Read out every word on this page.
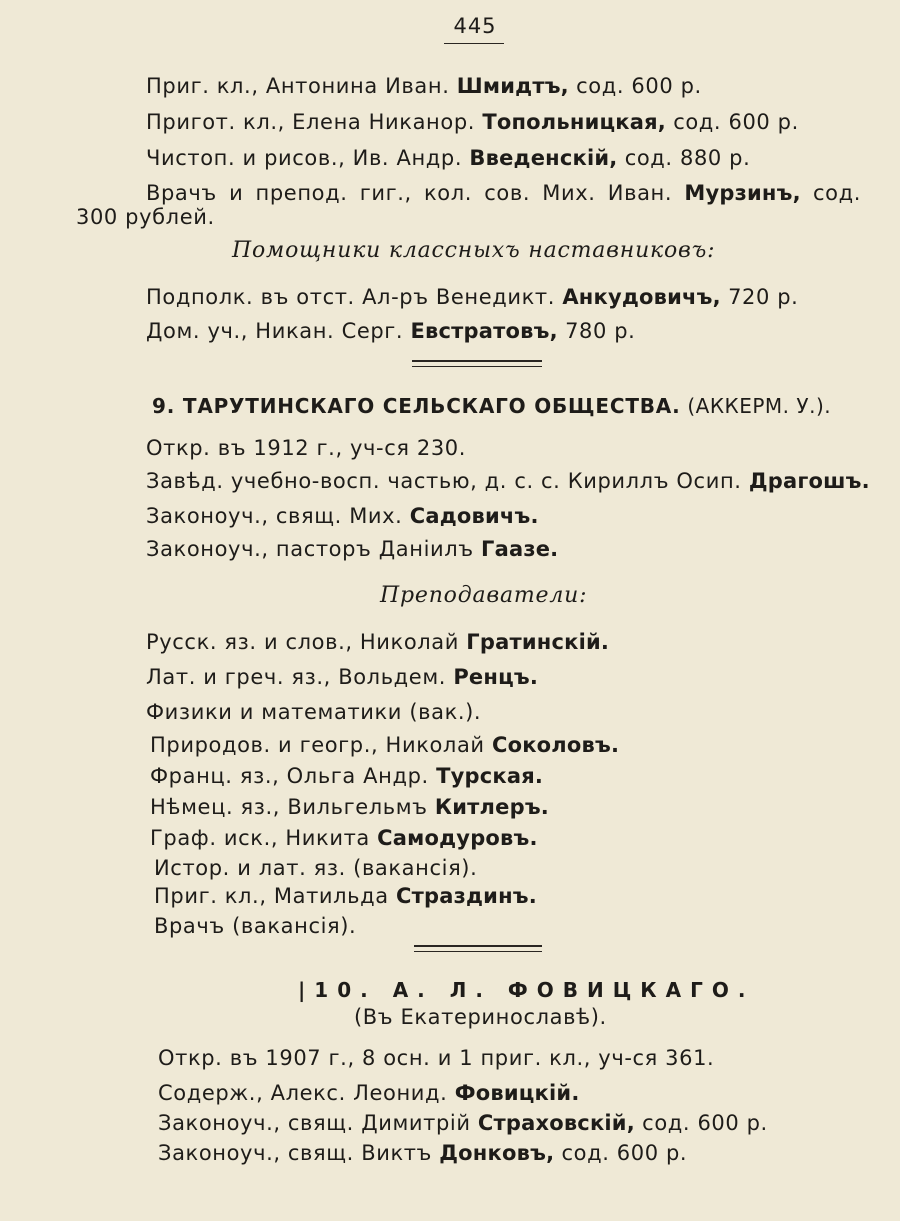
445
Приг. кл., Антонина Иван. Шмидтъ, сод. 600 р.
Пригот. кл., Елена Никанор. Топольницкая, сод. 600 р.
Чистоп. и рисов., Ив. Андр. Введенскій, сод. 880 р.
Врачъ и препод. гиг., кол. сов. Мих. Иван. Мурзинъ, сод.
300 рублей.
Помощники классныхъ наставниковъ:
Подполк. въ отст. Ал-ръ Венедикт. Анкудовичъ, 720 р.
Дом. уч., Никан. Серг. Евстратовъ, 780 р.
9. ТАРУТИНСКАГО СЕЛЬСКАГО ОБЩЕСТВА. (АККЕРМ. У.).
Откр. въ 1912 г., уч-ся 230.
Завѣд. учебно-восп. частью, д. с. с. Кириллъ Осип. Драгошъ.
Законоуч., свящ. Мих. Садовичъ.
Законоуч., пасторъ Даніилъ Гаазе.
Преподаватели:
Русск. яз. и слов., Николай Гратинскій.
Лат. и греч. яз., Вольдем. Ренцъ.
Физики и математики (вак.).
Природов. и геогр., Николай Соколовъ.
Франц. яз., Ольга Андр. Турская.
Нѣмец. яз., Вильгельмъ Китлеръ.
Граф. иск., Никита Самодуровъ.
Истор. и лат. яз. (вакансія).
Приг. кл., Матильда Страздинъ.
Врачъ (вакансія).
|10. А. Л. ФОВИЦКАГО.
(Въ Екатеринославѣ).
Откр. въ 1907 г., 8 осн. и 1 приг. кл., уч-ся 361.
Содерж., Алекс. Леонид. Фовицкій.
Законоуч., свящ. Димитрій Страховскій, сод. 600 р.
Законоуч., свящ. Виктъ Донковъ, сод. 600 р.
